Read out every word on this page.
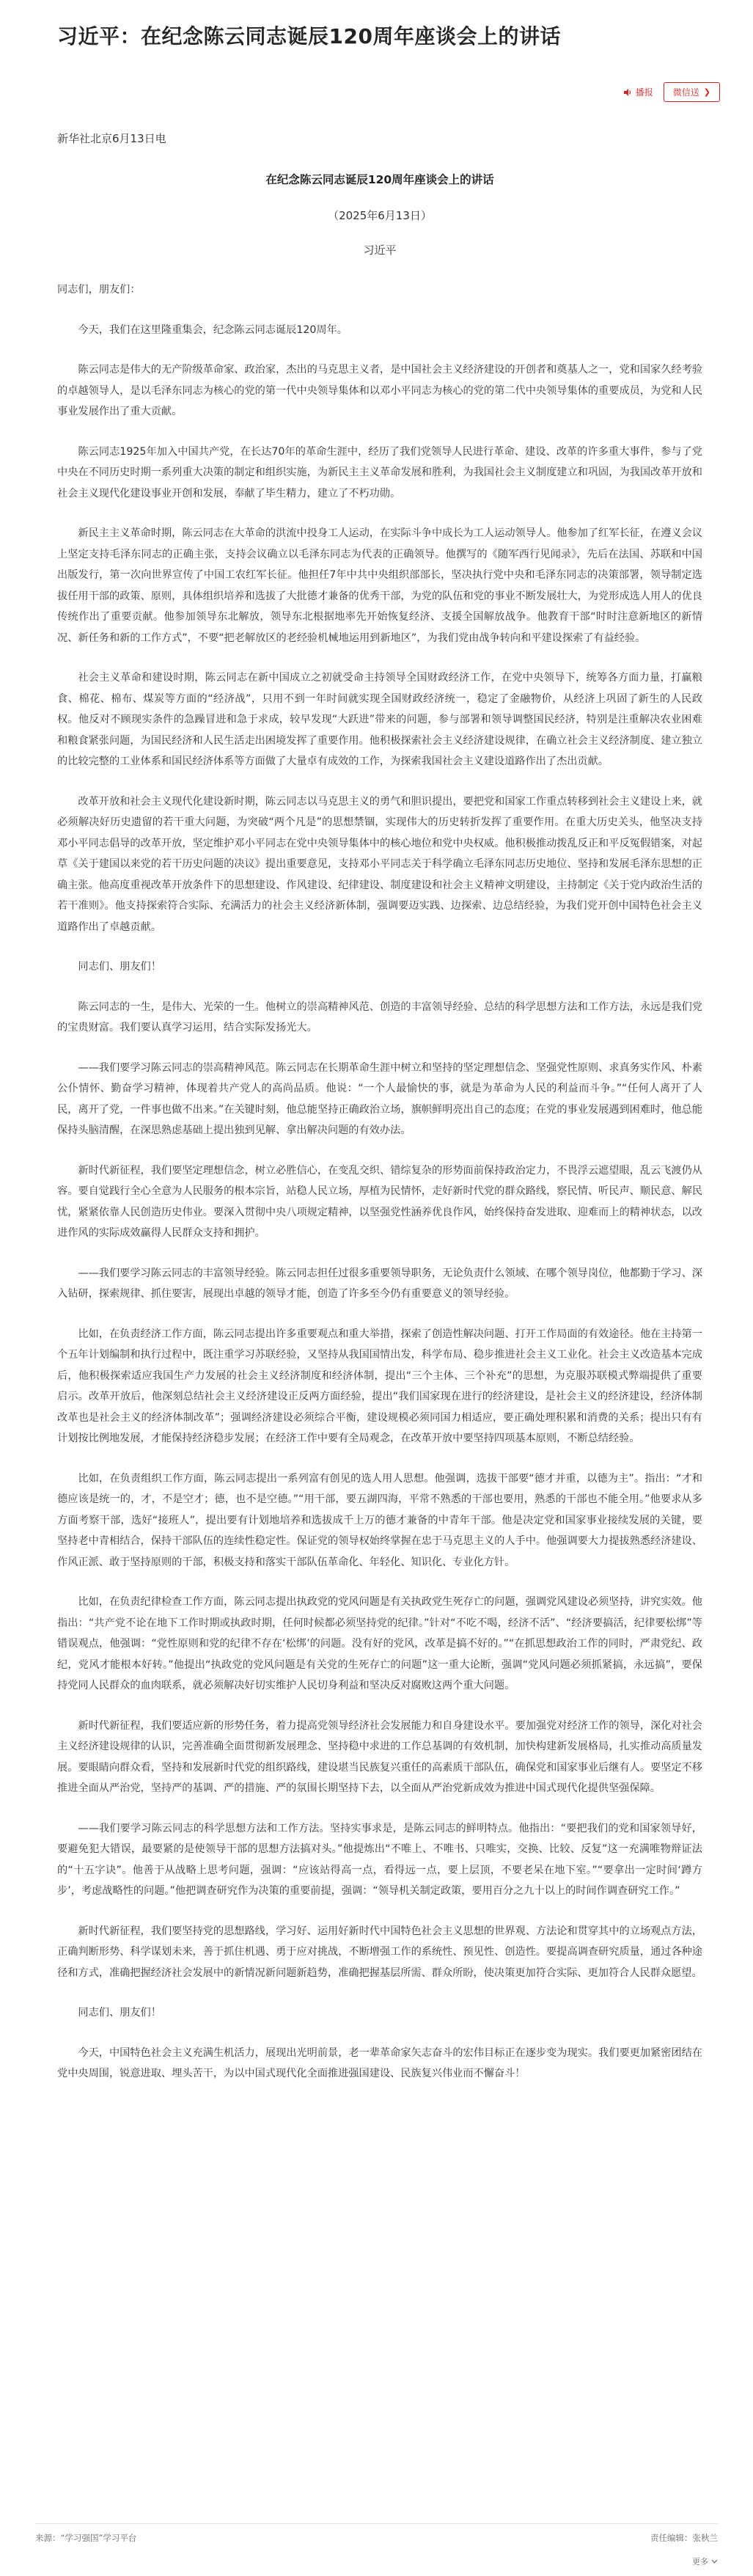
习近平：在纪念陈云同志诞辰120周年座谈会上的讲话
播报 微信送 ❯

新华社北京6月13日电

在纪念陈云同志诞辰120周年座谈会上的讲话

（2025年6月13日）

习近平

同志们，朋友们：

今天，我们在这里隆重集会，纪念陈云同志诞辰120周年。

陈云同志是伟大的无产阶级革命家、政治家，杰出的马克思主义者，是中国社会主义经济建设的开创者和奠基人之一，党和国家久经考验的卓越领导人，是以毛泽东同志为核心的党的第一代中央领导集体和以邓小平同志为核心的党的第二代中央领导集体的重要成员，为党和人民事业发展作出了重大贡献。

陈云同志1925年加入中国共产党，在长达70年的革命生涯中，经历了我们党领导人民进行革命、建设、改革的许多重大事件，参与了党中央在不同历史时期一系列重大决策的制定和组织实施，为新民主主义革命发展和胜利，为我国社会主义制度建立和巩固，为我国改革开放和社会主义现代化建设事业开创和发展，奉献了毕生精力，建立了不朽功勋。

新民主主义革命时期，陈云同志在大革命的洪流中投身工人运动，在实际斗争中成长为工人运动领导人。他参加了红军长征，在遵义会议上坚定支持毛泽东同志的正确主张，支持会议确立以毛泽东同志为代表的正确领导。他撰写的《随军西行见闻录》，先后在法国、苏联和中国出版发行，第一次向世界宣传了中国工农红军长征。他担任7年中共中央组织部部长，坚决执行党中央和毛泽东同志的决策部署，领导制定选拔任用干部的政策、原则，具体组织培养和选拔了大批德才兼备的优秀干部，为党的队伍和党的事业不断发展壮大，为党形成选人用人的优良传统作出了重要贡献。他参加领导东北解放，领导东北根据地率先开始恢复经济、支援全国解放战争。他教育干部“时时注意新地区的新情况、新任务和新的工作方式”，不要“把老解放区的老经验机械地运用到新地区”，为我们党由战争转向和平建设探索了有益经验。

社会主义革命和建设时期，陈云同志在新中国成立之初就受命主持领导全国财政经济工作，在党中央领导下，统筹各方面力量，打赢粮食、棉花、棉布、煤炭等方面的“经济战”，只用不到一年时间就实现全国财政经济统一，稳定了金融物价，从经济上巩固了新生的人民政权。他反对不顾现实条件的急躁冒进和急于求成，较早发现“大跃进”带来的问题，参与部署和领导调整国民经济，特别是注重解决农业困难和粮食紧张问题，为国民经济和人民生活走出困境发挥了重要作用。他积极探索社会主义经济建设规律，在确立社会主义经济制度、建立独立的比较完整的工业体系和国民经济体系等方面做了大量卓有成效的工作，为探索我国社会主义建设道路作出了杰出贡献。

改革开放和社会主义现代化建设新时期，陈云同志以马克思主义的勇气和胆识提出，要把党和国家工作重点转移到社会主义建设上来，就必须解决好历史遗留的若干重大问题，为突破“两个凡是”的思想禁锢，实现伟大的历史转折发挥了重要作用。在重大历史关头，他坚决支持邓小平同志倡导的改革开放，坚定维护邓小平同志在党中央领导集体中的核心地位和党中央权威。他积极推动拨乱反正和平反冤假错案，对起草《关于建国以来党的若干历史问题的决议》提出重要意见，支持邓小平同志关于科学确立毛泽东同志历史地位、坚持和发展毛泽东思想的正确主张。他高度重视改革开放条件下的思想建设、作风建设、纪律建设、制度建设和社会主义精神文明建设，主持制定《关于党内政治生活的若干准则》。他支持探索符合实际、充满活力的社会主义经济新体制，强调要迈实践、边探索、边总结经验，为我们党开创中国特色社会主义道路作出了卓越贡献。

同志们、朋友们！

陈云同志的一生，是伟大、光荣的一生。他树立的崇高精神风范、创造的丰富领导经验、总结的科学思想方法和工作方法，永远是我们党的宝贵财富。我们要认真学习运用，结合实际发扬光大。

——我们要学习陈云同志的崇高精神风范。陈云同志在长期革命生涯中树立和坚持的坚定理想信念、坚强党性原则、求真务实作风、朴素公仆情怀、勤奋学习精神，体现着共产党人的高尚品质。他说：“一个人最愉快的事，就是为革命为人民的利益而斗争。”“任何人离开了人民，离开了党，一件事也做不出来。”在关键时刻，他总能坚持正确政治立场，旗帜鲜明亮出自己的态度；在党的事业发展遇到困难时，他总能保持头脑清醒，在深思熟虑基础上提出独到见解、拿出解决问题的有效办法。

新时代新征程，我们要坚定理想信念，树立必胜信心，在变乱交织、错综复杂的形势面前保持政治定力，不畏浮云遮望眼，乱云飞渡仍从容。要自觉践行全心全意为人民服务的根本宗旨，站稳人民立场，厚植为民情怀，走好新时代党的群众路线，察民情、听民声、顺民意、解民忧，紧紧依靠人民创造历史伟业。要深入贯彻中央八项规定精神，以坚强党性涵养优良作风，始终保持奋发进取、迎难而上的精神状态，以改进作风的实际成效赢得人民群众支持和拥护。

——我们要学习陈云同志的丰富领导经验。陈云同志担任过很多重要领导职务，无论负责什么领域、在哪个领导岗位，他都勤于学习、深入钻研，探索规律、抓住要害，展现出卓越的领导才能，创造了许多至今仍有重要意义的领导经验。

比如，在负责经济工作方面，陈云同志提出许多重要观点和重大举措，探索了创造性解决问题、打开工作局面的有效途径。他在主持第一个五年计划编制和执行过程中，既注重学习苏联经验，又坚持从我国国情出发，科学布局、稳步推进社会主义工业化。社会主义改造基本完成后，他积极探索适应我国生产力发展的社会主义经济制度和经济体制，提出“三个主体、三个补充”的思想，为克服苏联模式弊端提供了重要启示。改革开放后，他深刻总结社会主义经济建设正反两方面经验，提出“我们国家现在进行的经济建设，是社会主义的经济建设，经济体制改革也是社会主义的经济体制改革”；强调经济建设必须综合平衡，建设规模必须同国力相适应，要正确处理积累和消费的关系；提出只有有计划按比例地发展，才能保持经济稳步发展；在经济工作中要有全局观念，在改革开放中要坚持四项基本原则，不断总结经验。

比如，在负责组织工作方面，陈云同志提出一系列富有创见的选人用人思想。他强调，选拔干部要“德才并重，以德为主”。指出：“才和德应该是统一的，才，不是空才；德，也不是空德。”“用干部，要五湖四海，平常不熟悉的干部也要用，熟悉的干部也不能全用。”他要求从多方面考察干部，选好“接班人”，提出要有计划地培养和选拔成千上万的德才兼备的中青年干部。他是决定党和国家事业接续发展的关键，要坚持老中青相结合，保持干部队伍的连续性稳定性。保证党的领导权始终掌握在忠于马克思主义的人手中。他强调要大力提拔熟悉经济建设、作风正派、敢于坚持原则的干部，积极支持和落实干部队伍革命化、年轻化、知识化、专业化方针。

比如，在负责纪律检查工作方面，陈云同志提出执政党的党风问题是有关执政党生死存亡的问题，强调党风建设必须坚持，讲究实效。他指出：“共产党不论在地下工作时期或执政时期，任何时候都必须坚持党的纪律。”针对“不吃不喝，经济不活”、“经济要搞活，纪律要松绑”等错误观点，他强调：“党性原则和党的纪律不存在‘松绑’的问题。没有好的党风，改革是搞不好的。”“在抓思想政治工作的同时，严肃党纪、政纪，党风才能根本好转。”他提出“执政党的党风问题是有关党的生死存亡的问题”这一重大论断，强调“党风问题必须抓紧搞，永远搞”，要保持党同人民群众的血肉联系，就必须解决好切实维护人民切身利益和坚决反对腐败这两个重大问题。

新时代新征程，我们要适应新的形势任务，着力提高党领导经济社会发展能力和自身建设水平。要加强党对经济工作的领导，深化对社会主义经济建设规律的认识，完善准确全面贯彻新发展理念、坚持稳中求进的工作总基调的有效机制，加快构建新发展格局，扎实推动高质量发展。要眼睛向群众看，坚持和发展新时代党的组织路线，建设堪当民族复兴重任的高素质干部队伍，确保党和国家事业后继有人。要坚定不移推进全面从严治党，坚持严的基调、严的措施、严的氛围长期坚持下去，以全面从严治党新成效为推进中国式现代化提供坚强保障。

——我们要学习陈云同志的科学思想方法和工作方法。坚持实事求是，是陈云同志的鲜明特点。他指出：“要把我们的党和国家领导好，要避免犯大错误，最要紧的是使领导干部的思想方法搞对头。”他提炼出“不唯上、不唯书、只唯实，交换、比较、反复”这一充满唯物辩证法的“十五字诀”。他善于从战略上思考问题，强调：“应该站得高一点，看得远一点，要上层顶，不要老呆在地下室。”“要拿出一定时间‘蹲方步’，考虑战略性的问题。”他把调查研究作为决策的重要前提，强调：“领导机关制定政策，要用百分之九十以上的时间作调查研究工作。”

新时代新征程，我们要坚持党的思想路线，学习好、运用好新时代中国特色社会主义思想的世界观、方法论和贯穿其中的立场观点方法，正确判断形势、科学谋划未来，善于抓住机遇、勇于应对挑战，不断增强工作的系统性、预见性、创造性。要提高调查研究质量，通过各种途径和方式，准确把握经济社会发展中的新情况新问题新趋势，准确把握基层所需、群众所盼，使决策更加符合实际、更加符合人民群众愿望。

同志们、朋友们！

今天，中国特色社会主义充满生机活力，展现出光明前景，老一辈革命家矢志奋斗的宏伟目标正在逐步变为现实。我们要更加紧密团结在党中央周围，锐意进取、埋头苦干，为以中国式现代化全面推进强国建设、民族复兴伟业而不懈奋斗！

来源：“学习强国”学习平台	责任编辑：张秋兰
更多
